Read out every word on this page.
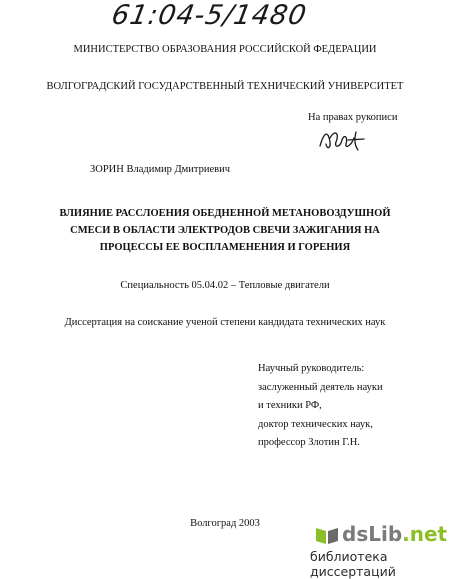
61:04-5/1480
МИНИСТЕРСТВО ОБРАЗОВАНИЯ РОССИЙСКОЙ ФЕДЕРАЦИИ
ВОЛГОГРАДСКИЙ ГОСУДАРСТВЕННЫЙ ТЕХНИЧЕСКИЙ УНИВЕРСИТЕТ
На правах рукописи
ЗОРИН Владимир Дмитриевич
ВЛИЯНИЕ РАССЛОЕНИЯ ОБЕДНЕННОЙ МЕТАНОВОЗДУШНОЙ
СМЕСИ В ОБЛАСТИ ЭЛЕКТРОДОВ СВЕЧИ ЗАЖИГАНИЯ НА
ПРОЦЕССЫ ЕЕ ВОСПЛАМЕНЕНИЯ И ГОРЕНИЯ
Специальность 05.04.02 – Тепловые двигатели
Диссертация на соискание ученой степени кандидата технических наук
Научный руководитель:
заслуженный деятель науки
и техники РФ,
доктор технических наук,
профессор Злотин Г.Н.
Волгоград 2003	dsLib.net
библиотека диссертаций
